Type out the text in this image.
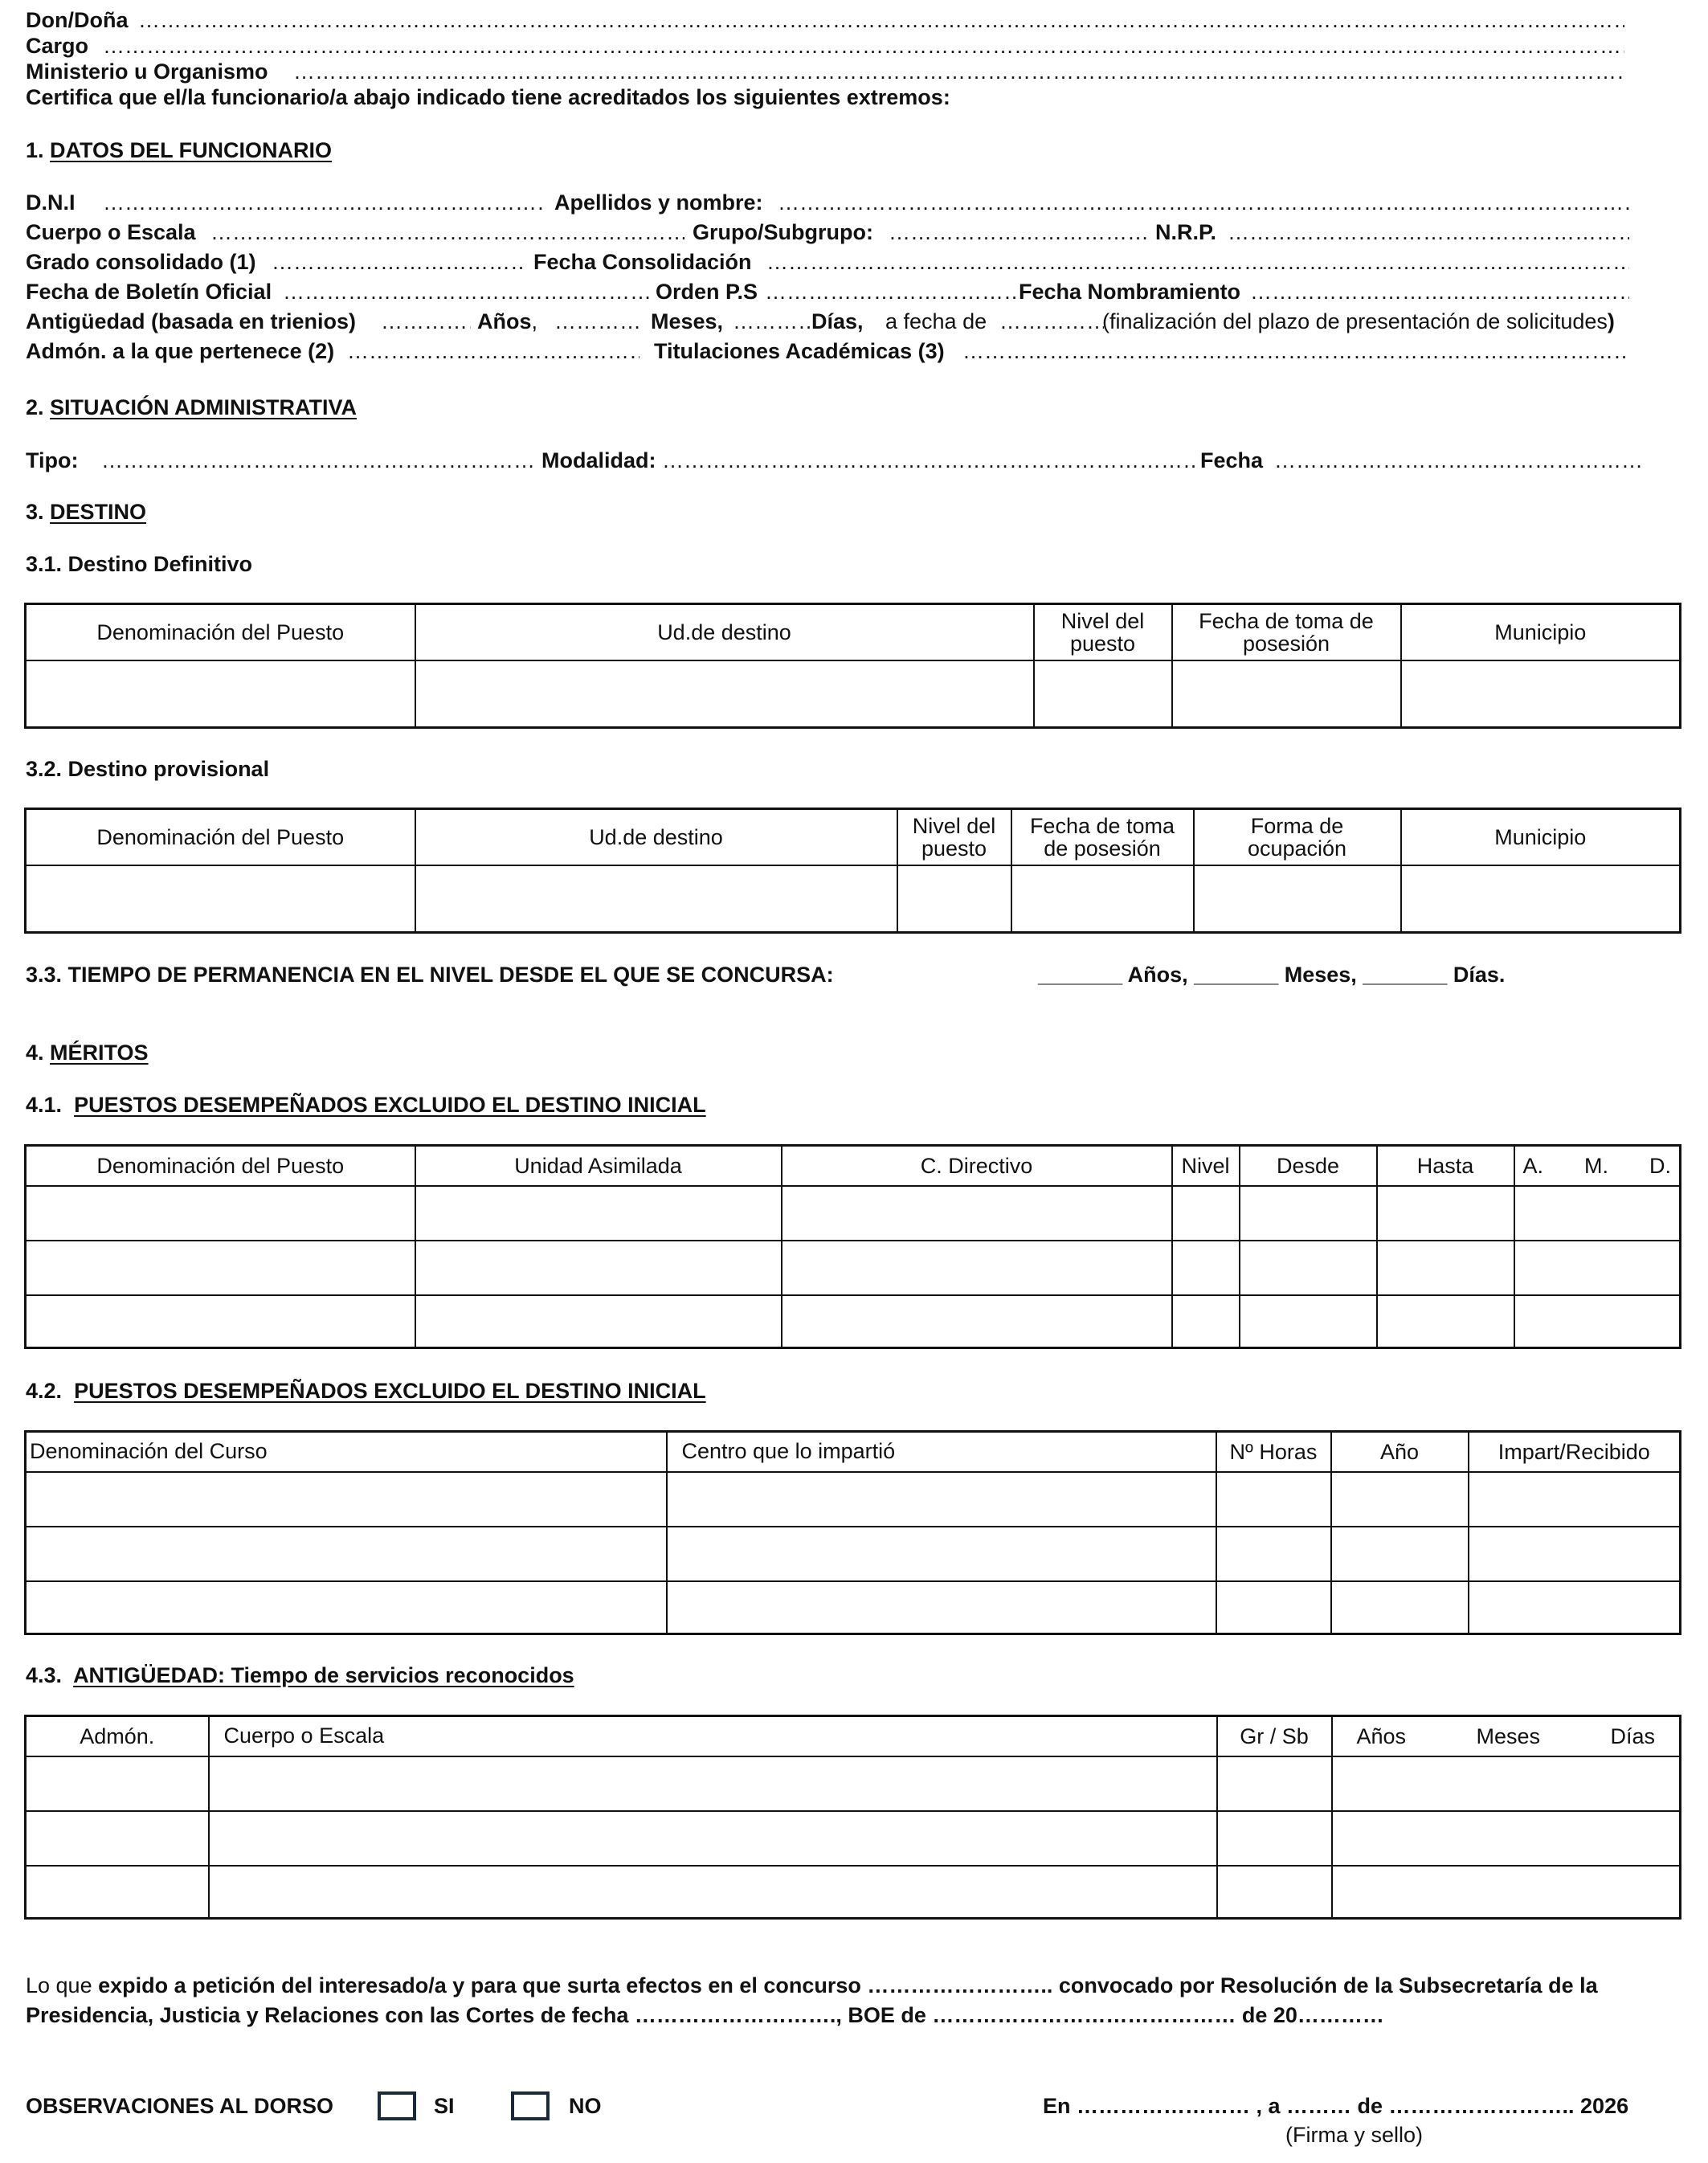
Don/Doña
……………………………………………………………………………………………………………………………………………………………………………………………………………………………………………………………………………………………………………………
Cargo
……………………………………………………………………………………………………………………………………………………………………………………………………………………………………………………………………………………………………………………
Ministerio u Organismo
……………………………………………………………………………………………………………………………………………………………………………………………………………………………………………………………………………………………………………………
Certifica que el/la funcionario/a abajo indicado tiene acreditados los siguientes extremos:
1. DATOS DEL FUNCIONARIO
D.N.I ……………………………………………………………………………………………………………………………………………………………………………………………………………………………………………………………………………………………………………………	Apellidos y nombre:
……………………………………………………………………………………………………………………………………………………………………………………………………………………………………………………………………………………………………………………
Cuerpo o Escala ……………………………………………………………………………………………………………………………………………………………………………………………………………………………………………………………………………………………………………………	Grupo/Subgrupo: ……………………………………………………………………………………………………………………………………………………………………………………………………………………………………………………………………………………………………………………	N.R.P.
……………………………………………………………………………………………………………………………………………………………………………………………………………………………………………………………………………………………………………………
Grado consolidado (1) ……………………………………………………………………………………………………………………………………………………………………………………………………………………………………………………………………………………………………………………	Fecha Consolidación
……………………………………………………………………………………………………………………………………………………………………………………………………………………………………………………………………………………………………………………
Fecha de Boletín Oficial ……………………………………………………………………………………………………………………………………………………………………………………………………………………………………………………………………………………………………………………	Orden P.S ……………………………………………………………………………………………………………………………………………………………………………………………………………………………………………………………………………………………………………………	Fecha Nombramiento
……………………………………………………………………………………………………………………………………………………………………………………………………………………………………………………………………………………………………………………
Antigüedad (basada en trienios) ……………………………………………………………………………………………………………………………………………………………………………………………………………………………………………………………………………………………………………………	Años, ……………………………………………………………………………………………………………………………………………………………………………………………………………………………………………………………………………………………………………………	Meses, ……………………………………………………………………………………………………………………………………………………………………………………………………………………………………………………………………………………………………………………	Días, a fecha de ……………………………………………………………………………………………………………………………………………………………………………………………………………………………………………………………………………………………………………………	(finalización del plazo de presentación de solicitudes)
Admón. a la que pertenece (2) ……………………………………………………………………………………………………………………………………………………………………………………………………………………………………………………………………………………………………………………	Titulaciones Académicas (3)
……………………………………………………………………………………………………………………………………………………………………………………………………………………………………………………………………………………………………………………
2. SITUACIÓN ADMINISTRATIVA
Tipo: ……………………………………………………………………………………………………………………………………………………………………………………………………………………………………………………………………………………………………………………	Modalidad: ……………………………………………………………………………………………………………………………………………………………………………………………………………………………………………………………………………………………………………………	Fecha
……………………………………………………………………………………………………………………………………………………………………………………………………………………………………………………………………………………………………………………
3. DESTINO
3.1. Destino Definitivo
Denominación del Puesto	Ud.de destino	Nivel del puesto	Fecha de toma de posesión	Municipio

3.2. Destino provisional
Denominación del Puesto	Ud.de destino	Nivel del puesto	Fecha de toma de posesión	Forma de ocupación	Municipio

3.3. TIEMPO DE PERMANENCIA EN EL NIVEL DESDE EL QUE SE CONCURSA:	_______ Años, _______ Meses, _______ Días.
4. MÉRITOS
4.1. PUESTOS DESEMPEÑADOS EXCLUIDO EL DESTINO INICIAL
Denominación del Puesto	Unidad Asimilada	C. Directivo	Nivel	Desde	Hasta	A. M. D.

4.2. PUESTOS DESEMPEÑADOS EXCLUIDO EL DESTINO INICIAL
Denominación del Curso	Centro que lo impartió	Nº Horas	Año	Impart/Recibido

4.3. ANTIGÜEDAD: Tiempo de servicios reconocidos
Admón.	Cuerpo o Escala	Gr / Sb	Años Meses Días

Lo que expido a petición del interesado/a y para que surta efectos en el concurso …………………….. convocado por Resolución de la Subsecretaría de la
Presidencia, Justicia y Relaciones con las Cortes de fecha ………………………., BOE de …………………………………… de 20…………
OBSERVACIONES AL DORSO	SI	NO	En …………………… , a ……… de …………………….. 2026
(Firma y sello)
